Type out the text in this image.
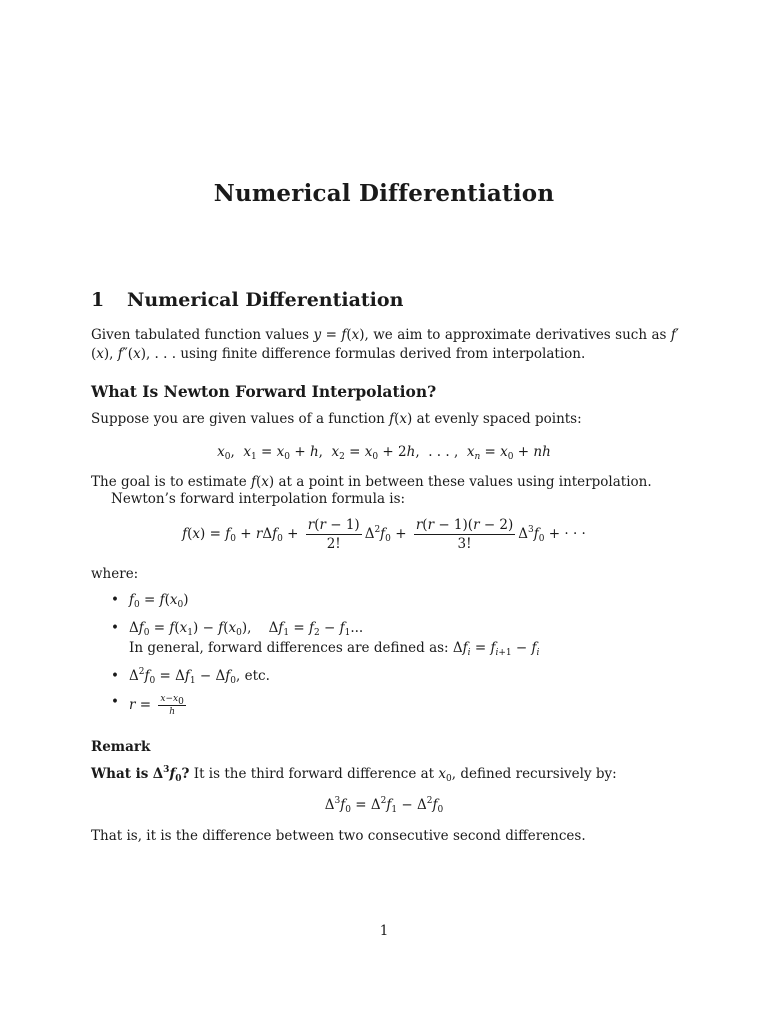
Numerical Differentiation
1 Numerical Differentiation
Given tabulated function values y = f(x), we aim to approximate derivatives such as f′(x), f″(x), . . . using finite difference formulas derived from interpolation.
What Is Newton Forward Interpolation?
Suppose you are given values of a function f(x) at evenly spaced points:
$x_0$,  $x_1 = x_0 + h$,  $x_2 = x_0 + 2h$,  . . . ,  $x_n = x_0$ + nh
The goal is to estimate f(x) at a point in between these values using interpolation.
Newton’s forward interpolation formula is:
$f(x) = f_0 + r\Delta f_0 + \frac{r(r - 1)}{2!} \Delta^2f_0 + \frac{r(r - 1)(r - 2)}{3!} \Delta^3f_0$ + · · ·
where:
• $f_0 = f(x_0)$
• $\Delta f_0 = f(x_1) - f(x_0)$,    $\Delta f_1 = f_2 - f_1$...
In general, forward differences are defined as: $\Delta f_i = f_{i+1} - f_i$
• $\Delta^2f_0 = \Delta f_1 - \Delta f_0$, etc.
• $r = \frac{x-x_0}{h}$
Remark
What is $\Delta^3f_0$? It is the third forward difference at $x_0$, defined recursively by:
$\Delta^3f_0 = \Delta^2f_1 - \Delta^2f_0$
That is, it is the difference between two consecutive second differences.
1
